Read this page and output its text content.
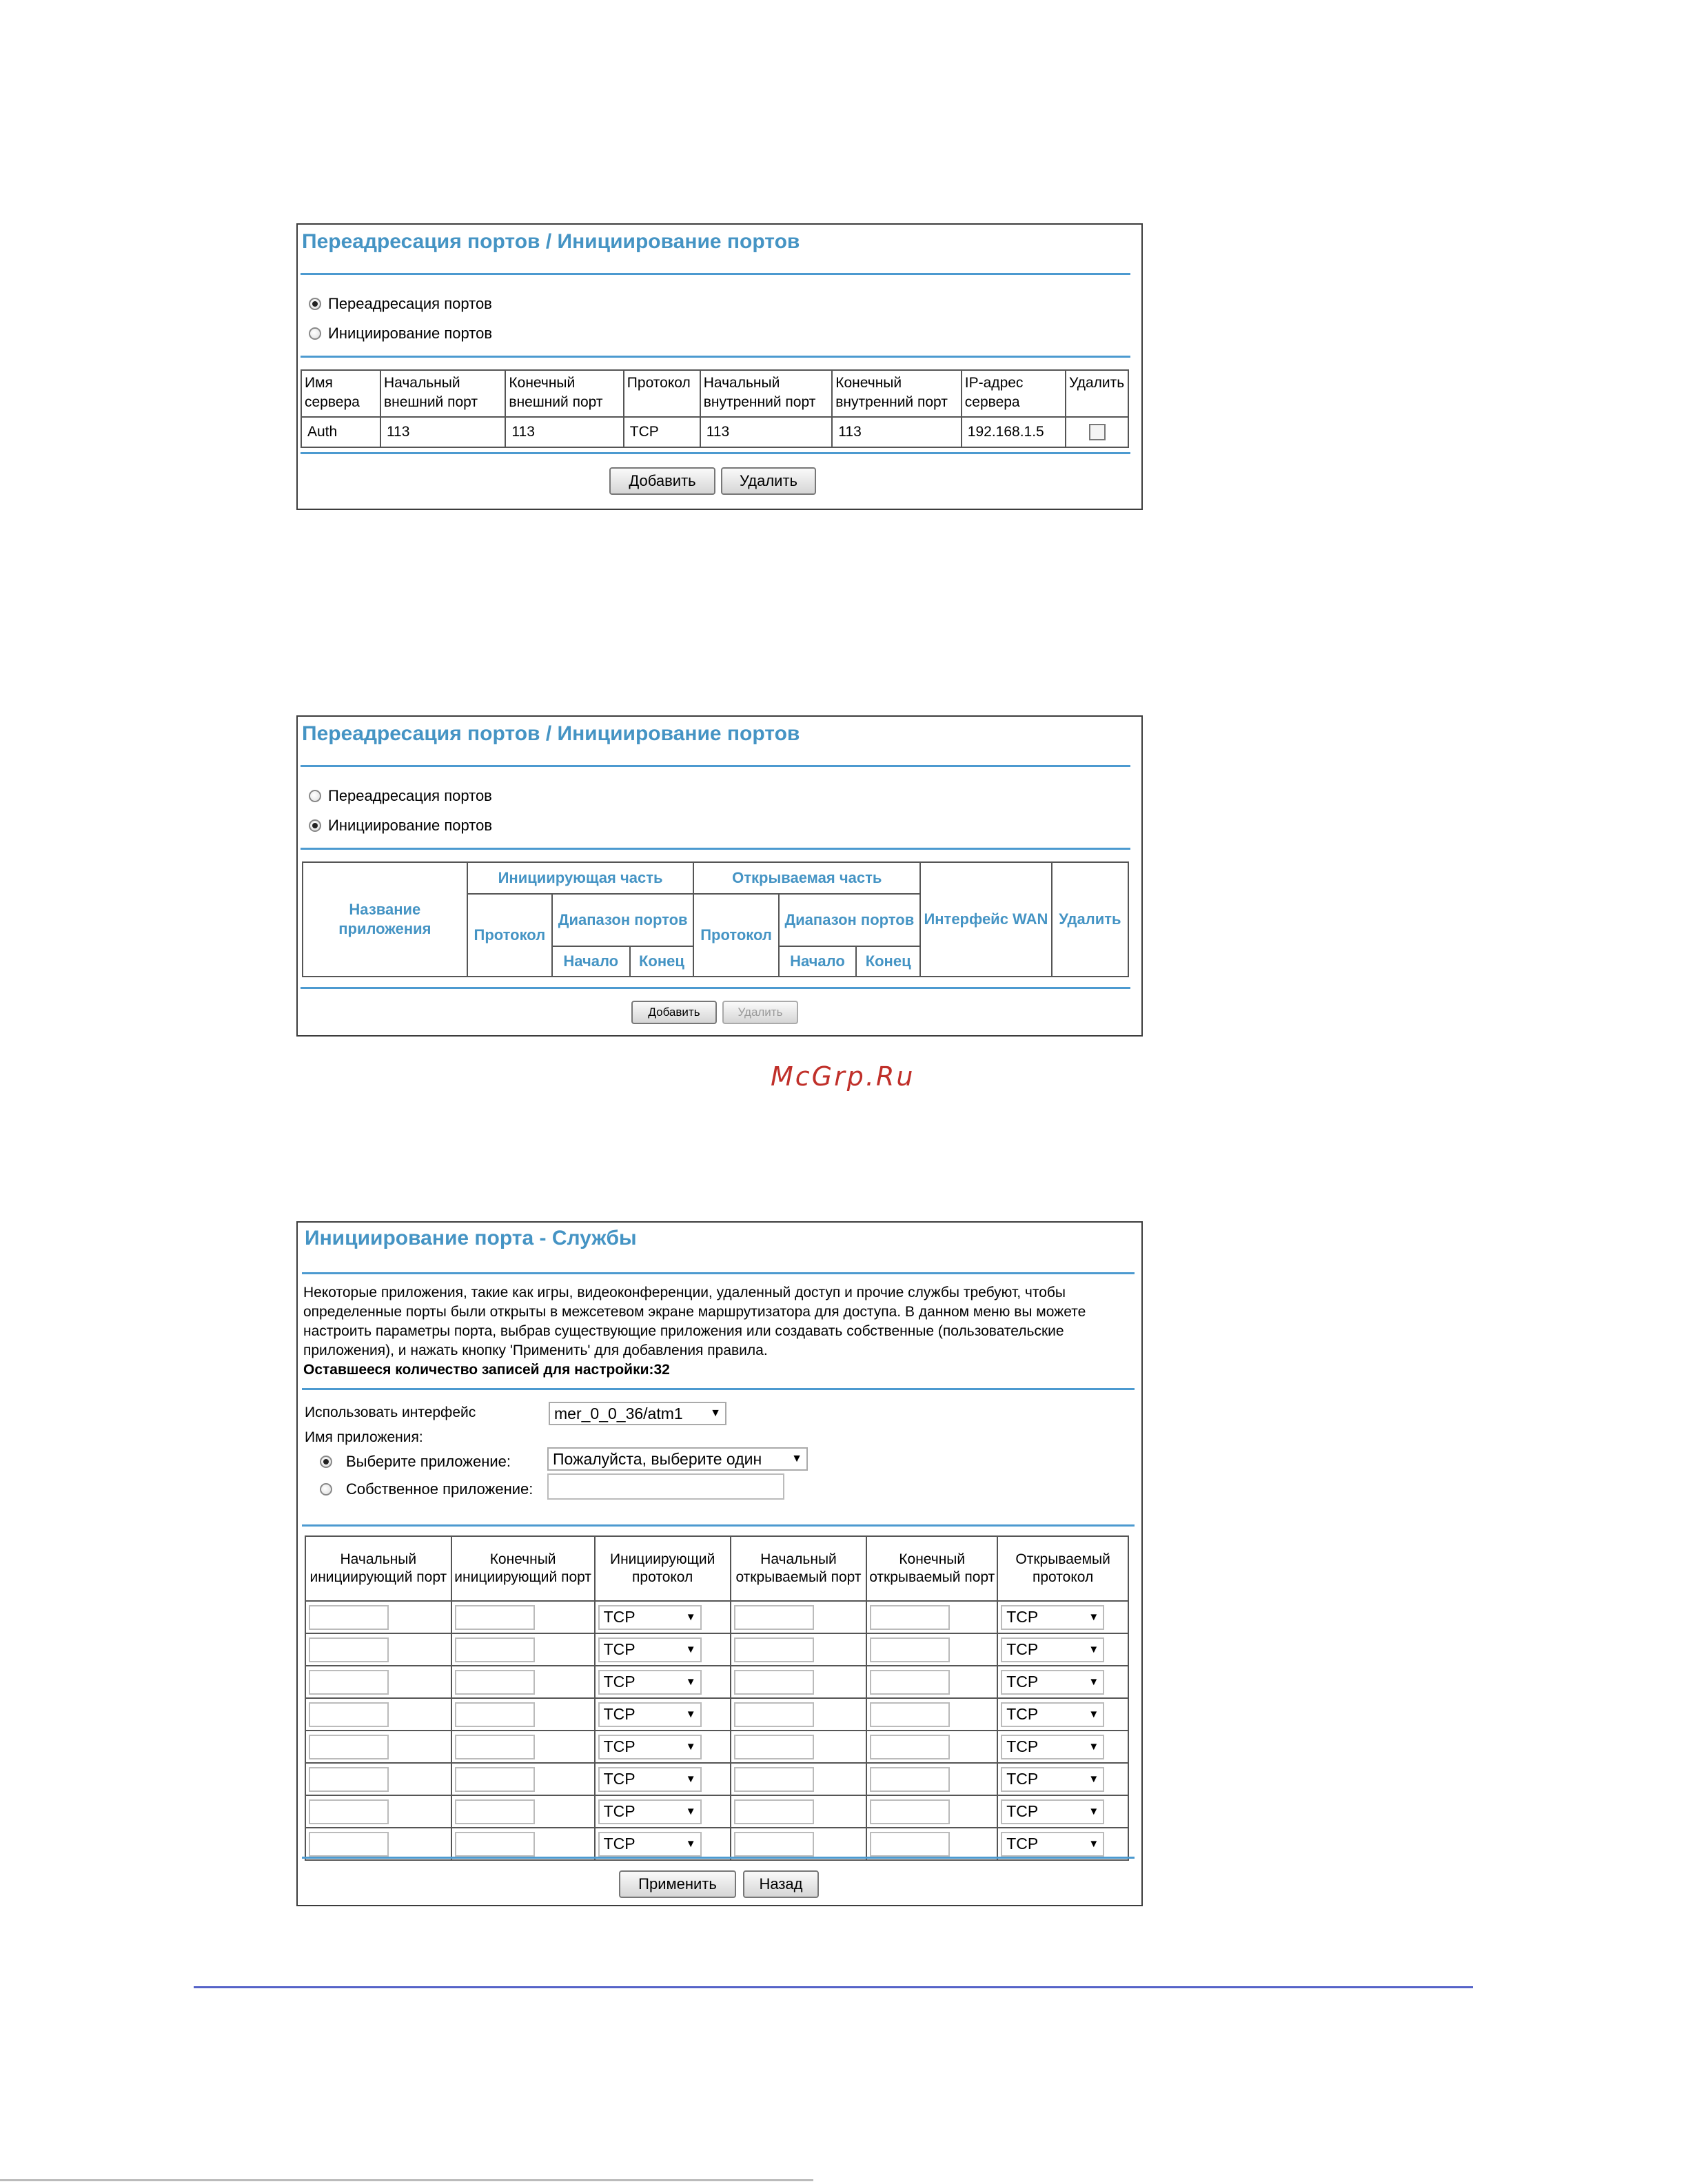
Переадресация портов / Инициирование портов
Переадресация портов
Инициирование портов
Имя сервера	Начальный внешний порт	Конечный внешний порт	Протокол	Начальный внутренний порт	Конечный внутренний порт	IP-адрес сервера	Удалить
Auth	113	113	TCP	113	113	192.168.1.5	
Добавить	Удалить
Переадресация портов / Инициирование портов
Переадресация портов
Инициирование портов
Название приложения	Инициирующая часть			Открываемая часть			Интерфейс WAN	Удалить
	Протокол	Диапазон портов		Протокол	Диапазон портов			
		Начало	Конец		Начало	Конец		
Добавить	Удалить
McGrp.Ru
Инициирование порта - Службы
Некоторые приложения, такие как игры, видеоконференции, удаленный доступ и прочие службы требуют, чтобы определенные порты были открыты в межсетевом экране маршрутизатора для доступа. В данном меню вы можете настроить параметры порта, выбрав существующие приложения или создавать собственные (пользовательские приложения), и нажать кнопку 'Применить' для добавления правила.
Оставшееся количество записей для настройки:32
Использовать интерфейс	mer_0_0_36/atm1 ▼
Имя приложения:
Выберите приложение:	Пожалуйста, выберите один	▼
Собственное приложение:
Начальный инициирующий порт	Конечный инициирующий порт	Инициирующий протокол	Начальный открываемый порт	Конечный открываемый порт	Открываемый протокол

		TCP ▼			TCP ▼

		TCP ▼			TCP ▼

		TCP ▼			TCP ▼

		TCP ▼			TCP ▼

		TCP ▼			TCP ▼

		TCP ▼			TCP ▼

		TCP ▼			TCP ▼

		TCP ▼			TCP ▼
Применить	Назад
